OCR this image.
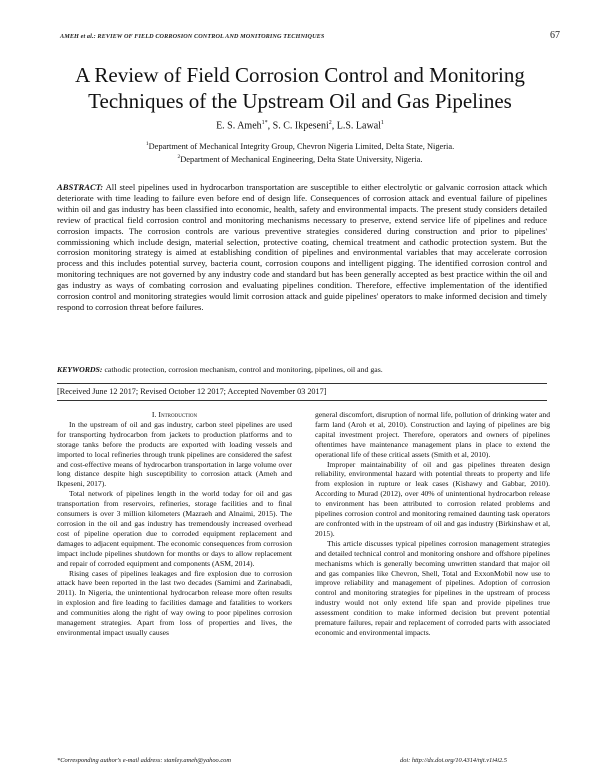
AMEH et al.: REVIEW OF FIELD CORROSION CONTROL AND MONITORING TECHNIQUES	67
A Review of Field Corrosion Control and Monitoring
Techniques of the Upstream Oil and Gas Pipelines
E. S. Ameh$^{1*}$, S. C. Ikpeseni$^2$, L.S. Lawal$^1$
$^1$Department of Mechanical Integrity Group, Chevron Nigeria Limited, Delta State, Nigeria.
$^2$Department of Mechanical Engineering, Delta State University, Nigeria.
ABSTRACT: All steel pipelines used in hydrocarbon transportation are susceptible to either electrolytic or galvanic corrosion attack which deteriorate with time leading to failure even before end of design life. Consequences of corrosion attack and eventual failure of pipelines within oil and gas industry has been classified into economic, health, safety and environmental impacts. The present study considers detailed review of practical field corrosion control and monitoring mechanisms necessary to preserve, extend service life of pipelines and reduce corrosion impacts. The corrosion controls are various preventive strategies considered during construction and prior to pipelines' commissioning which include design, material selection, protective coating, chemical treatment and cathodic protection system. But the corrosion monitoring strategy is aimed at establishing condition of pipelines and environmental variables that may accelerate corrosion process and this includes potential survey, bacteria count, corrosion coupons and intelligent pigging. The identified corrosion control and monitoring techniques are not governed by any industry code and standard but has been generally accepted as best practice within the oil and gas industry as ways of combating corrosion and evaluating pipelines condition. Therefore, effective implementation of the identified corrosion control and monitoring strategies would limit corrosion attack and guide pipelines' operators to make informed decision and timely respond to corrosion threat before failures.
KEYWORDS: cathodic protection, corrosion mechanism, control and monitoring, pipelines, oil and gas.
[Received June 12 2017; Revised October 12 2017; Accepted November 03 2017]

I. Introduction

In the upstream of oil and gas industry, carbon steel pipelines are used for transporting hydrocarbon from jackets to production platforms and to storage tanks before the products are exported with loading vessels and imported to local refineries through trunk pipelines are considered the safest and cost-effective means of hydrocarbon transportation in large volume over long distance despite high susceptibility to corrosion attack (Ameh and Ikpeseni, 2017).

Total network of pipelines length in the world today for oil and gas transportation from reservoirs, refineries, storage facilities and to final consumers is over 3 million kilometers (Mazraeh and Alnaimi, 2015). The corrosion in the oil and gas industry has tremendously increased overhead cost of pipeline operation due to corroded equipment replacement and damages to adjacent equipment. The economic consequences from corrosion impact include pipelines shutdown for months or days to allow replacement and repair of corroded equipment and components (ASM, 2014).

Rising cases of pipelines leakages and fire explosion due to corrosion attack have been reported in the last two decades (Samimi and Zarinabadi, 2011). In Nigeria, the unintentional hydrocarbon release more often results in explosion and fire leading to facilities damage and fatalities to workers and communities along the right of way owing to poor pipelines corrosion management strategies. Apart from loss of properties and lives, the environmental impact usually causes

general discomfort, disruption of normal life, pollution of drinking water and farm land (Aroh et al, 2010). Construction and laying of pipelines are big capital investment project. Therefore, operators and owners of pipelines oftentimes have maintenance management plans in place to extend the operational life of these critical assets (Smith et al, 2010).

Improper maintainability of oil and gas pipelines threaten design reliability, environmental hazard with potential threats to property and life from explosion in rupture or leak cases (Kishawy and Gabbar, 2010). According to Murad (2012), over 40% of unintentional hydrocarbon release to environment has been attributed to corrosion related problems and pipelines corrosion control and monitoring remained daunting task operators are confronted with in the upstream of oil and gas industry (Birkinshaw et al, 2015).

This article discusses typical pipelines corrosion management strategies and detailed technical control and monitoring onshore and offshore pipelines mechanisms which is generally becoming unwritten standard that major oil and gas companies like Chevron, Shell, Total and ExxonMobil now use to improve reliability and management of pipelines. Adoption of corrosion control and monitoring strategies for pipelines in the upstream of process industry would not only extend life span and provide pipelines true assessment condition to make informed decision but prevent potential premature failures, repair and replacement of corroded parts with associated economic and environmental impacts.

*Corresponding author's e-mail address: stanley.ameh@yahoo.com	doi: http://dx.doi.org/10.4314/njt.v1i4i2.5
